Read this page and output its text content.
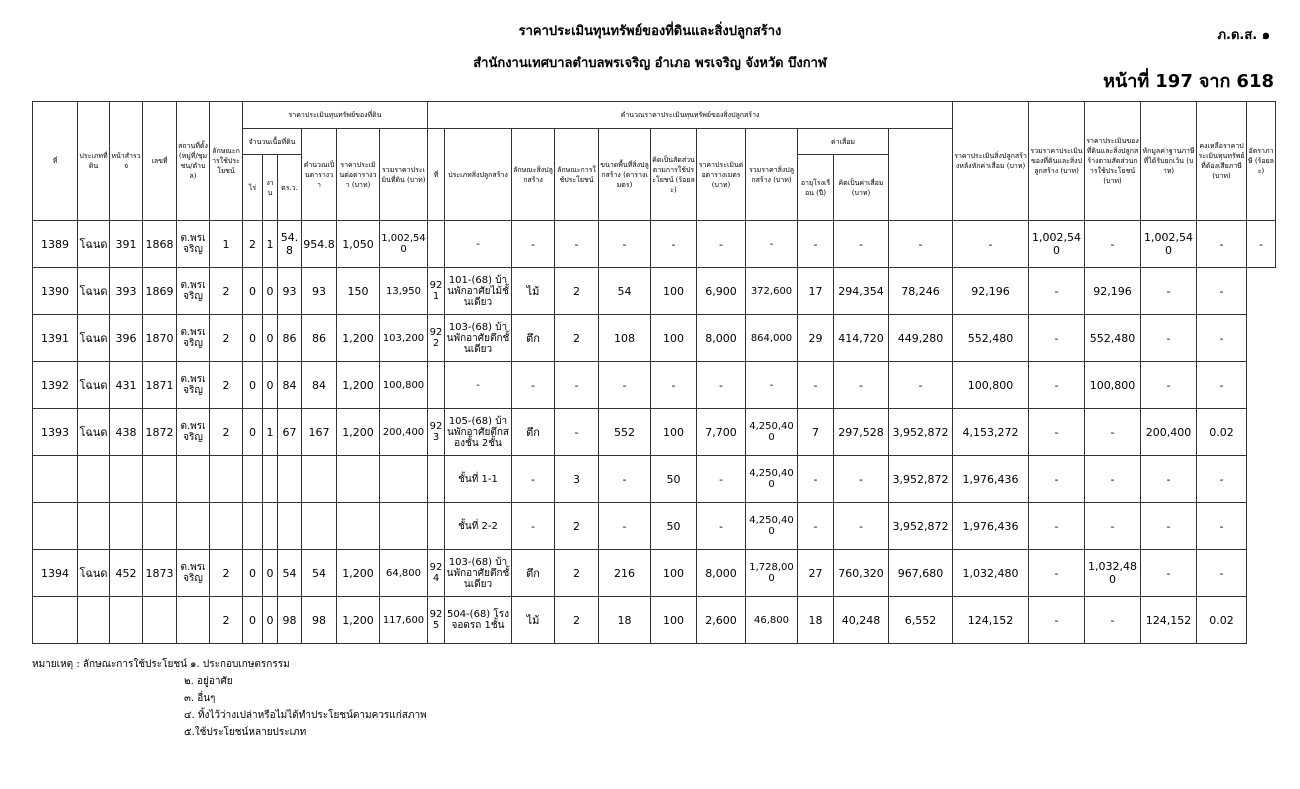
ราคาประเมินทุนทรัพย์ของที่ดินและสิ่งปลูกสร้าง
สำนักงานเทศบาลตำบลพรเจริญ อำเภอ พรเจริญ จังหวัด บึงกาฬ
ภ.ด.ส. ๑
หน้าที่ 197 จาก 618
ที่	ประเภทที่ดิน	หน้าสำรวจ	เลขที่	สถานที่ตั้ง(หมู่ที่/ชุมชน/ตำบล)	ลักษณะการใช้ประโยชน์	ราคาประเมินทุนทรัพย์ของที่ดิน						คำนวณราคาประเมินทุนทรัพย์ของสิ่งปลูกสร้าง											ราคาประเมินสิ่งปลูกสร้างหลังหักค่าเสื่อม (บาท)	รวมราคาประเมินของที่ดินและสิ่งปลูกสร้าง (บาท)	ราคาประเมินของที่ดินและสิ่งปลูกสร้างตามสัดส่วนการใช้ประโยชน์ (บาท)	หักมูลค่าฐานภาษีที่ได้รับยกเว้น (บาท)	คงเหลือราคาประเมินทุนทรัพย์ที่ต้องเสียภาษี (บาท)	อัตราภาษี (ร้อยละ)
						จำนวนเนื้อที่ดิน			คำนวณเป็นตารางวา	ราคาประเมินต่อตารางวา (บาท)	รวมราคาประเมินที่ดิน (บาท)	ที่	ประเภทสิ่งปลูกสร้าง	ลักษณะสิ่งปลูกสร้าง	ลักษณะการใช้ประโยชน์	ขนาดพื้นที่สิ่งปลูกสร้าง (ตารางเมตร)	คิดเป็นสัดส่วนตามการใช้ประโยชน์ (ร้อยละ)	ราคาประเมินต่อตารางเมตร (บาท)	รวมราคาสิ่งปลูกสร้าง (บาท)	ค่าเสื่อม								
						ไร่	งาน	ตร.ว.												อายุโรงเรือน (ปี)	คิดเป็นค่าเสื่อม (บาท)							
1389	โฉนด	391	1868	ต.พรเจริญ	1	2	1	54.8	954.8	1,050	1,002,540		-	-	-	-	-	-	-	-	-	-	-	1,002,540	-	1,002,540	-	-
1390	โฉนด	393	1869	ต.พรเจริญ	2	0	0	93	93	150	13,950	921	101-(68) บ้านพักอาศัยไม้ชั้นเดียว	ไม้	2	54	100	6,900	372,600	17	294,354	78,246	92,196	-	92,196	-	-	
1391	โฉนด	396	1870	ต.พรเจริญ	2	0	0	86	86	1,200	103,200	922	103-(68) บ้านพักอาศัยตึกชั้นเดียว	ตึก	2	108	100	8,000	864,000	29	414,720	449,280	552,480	-	552,480	-	-	
1392	โฉนด	431	1871	ต.พรเจริญ	2	0	0	84	84	1,200	100,800		-	-	-	-	-	-	-	-	-	-	100,800	-	100,800	-	-	
1393	โฉนด	438	1872	ต.พรเจริญ	2	0	1	67	167	1,200	200,400	923	105-(68) บ้านพักอาศัยตึกสองชั้น 2ชั้น	ตึก	-	552	100	7,700	4,250,400	7	297,528	3,952,872	4,153,272	-	-	200,400	0.02	
													ชั้นที่ 1-1	-	3	-	50	-	4,250,400	-	-	3,952,872	1,976,436	-	-	-	-	
													ชั้นที่ 2-2	-	2	-	50	-	4,250,400	-	-	3,952,872	1,976,436	-	-	-	-	
1394	โฉนด	452	1873	ต.พรเจริญ	2	0	0	54	54	1,200	64,800	924	103-(68) บ้านพักอาศัยตึกชั้นเดียว	ตึก	2	216	100	8,000	1,728,000	27	760,320	967,680	1,032,480	-	1,032,480	-	-	
					2	0	0	98	98	1,200	117,600	925	504-(68) โรงจอดรถ 1ชั้น	ไม้	2	18	100	2,600	46,800	18	40,248	6,552	124,152	-	-	124,152	0.02	
หมายเหตุ : ลักษณะการใช้ประโยชน์ ๑. ประกอบเกษตรกรรม
๒. อยู่อาศัย
๓. อื่นๆ
๔. ทิ้งไว้ว่างเปล่าหรือไม่ได้ทำประโยชน์ตามควรแก่สภาพ
๕.ใช้ประโยชน์หลายประเภท
